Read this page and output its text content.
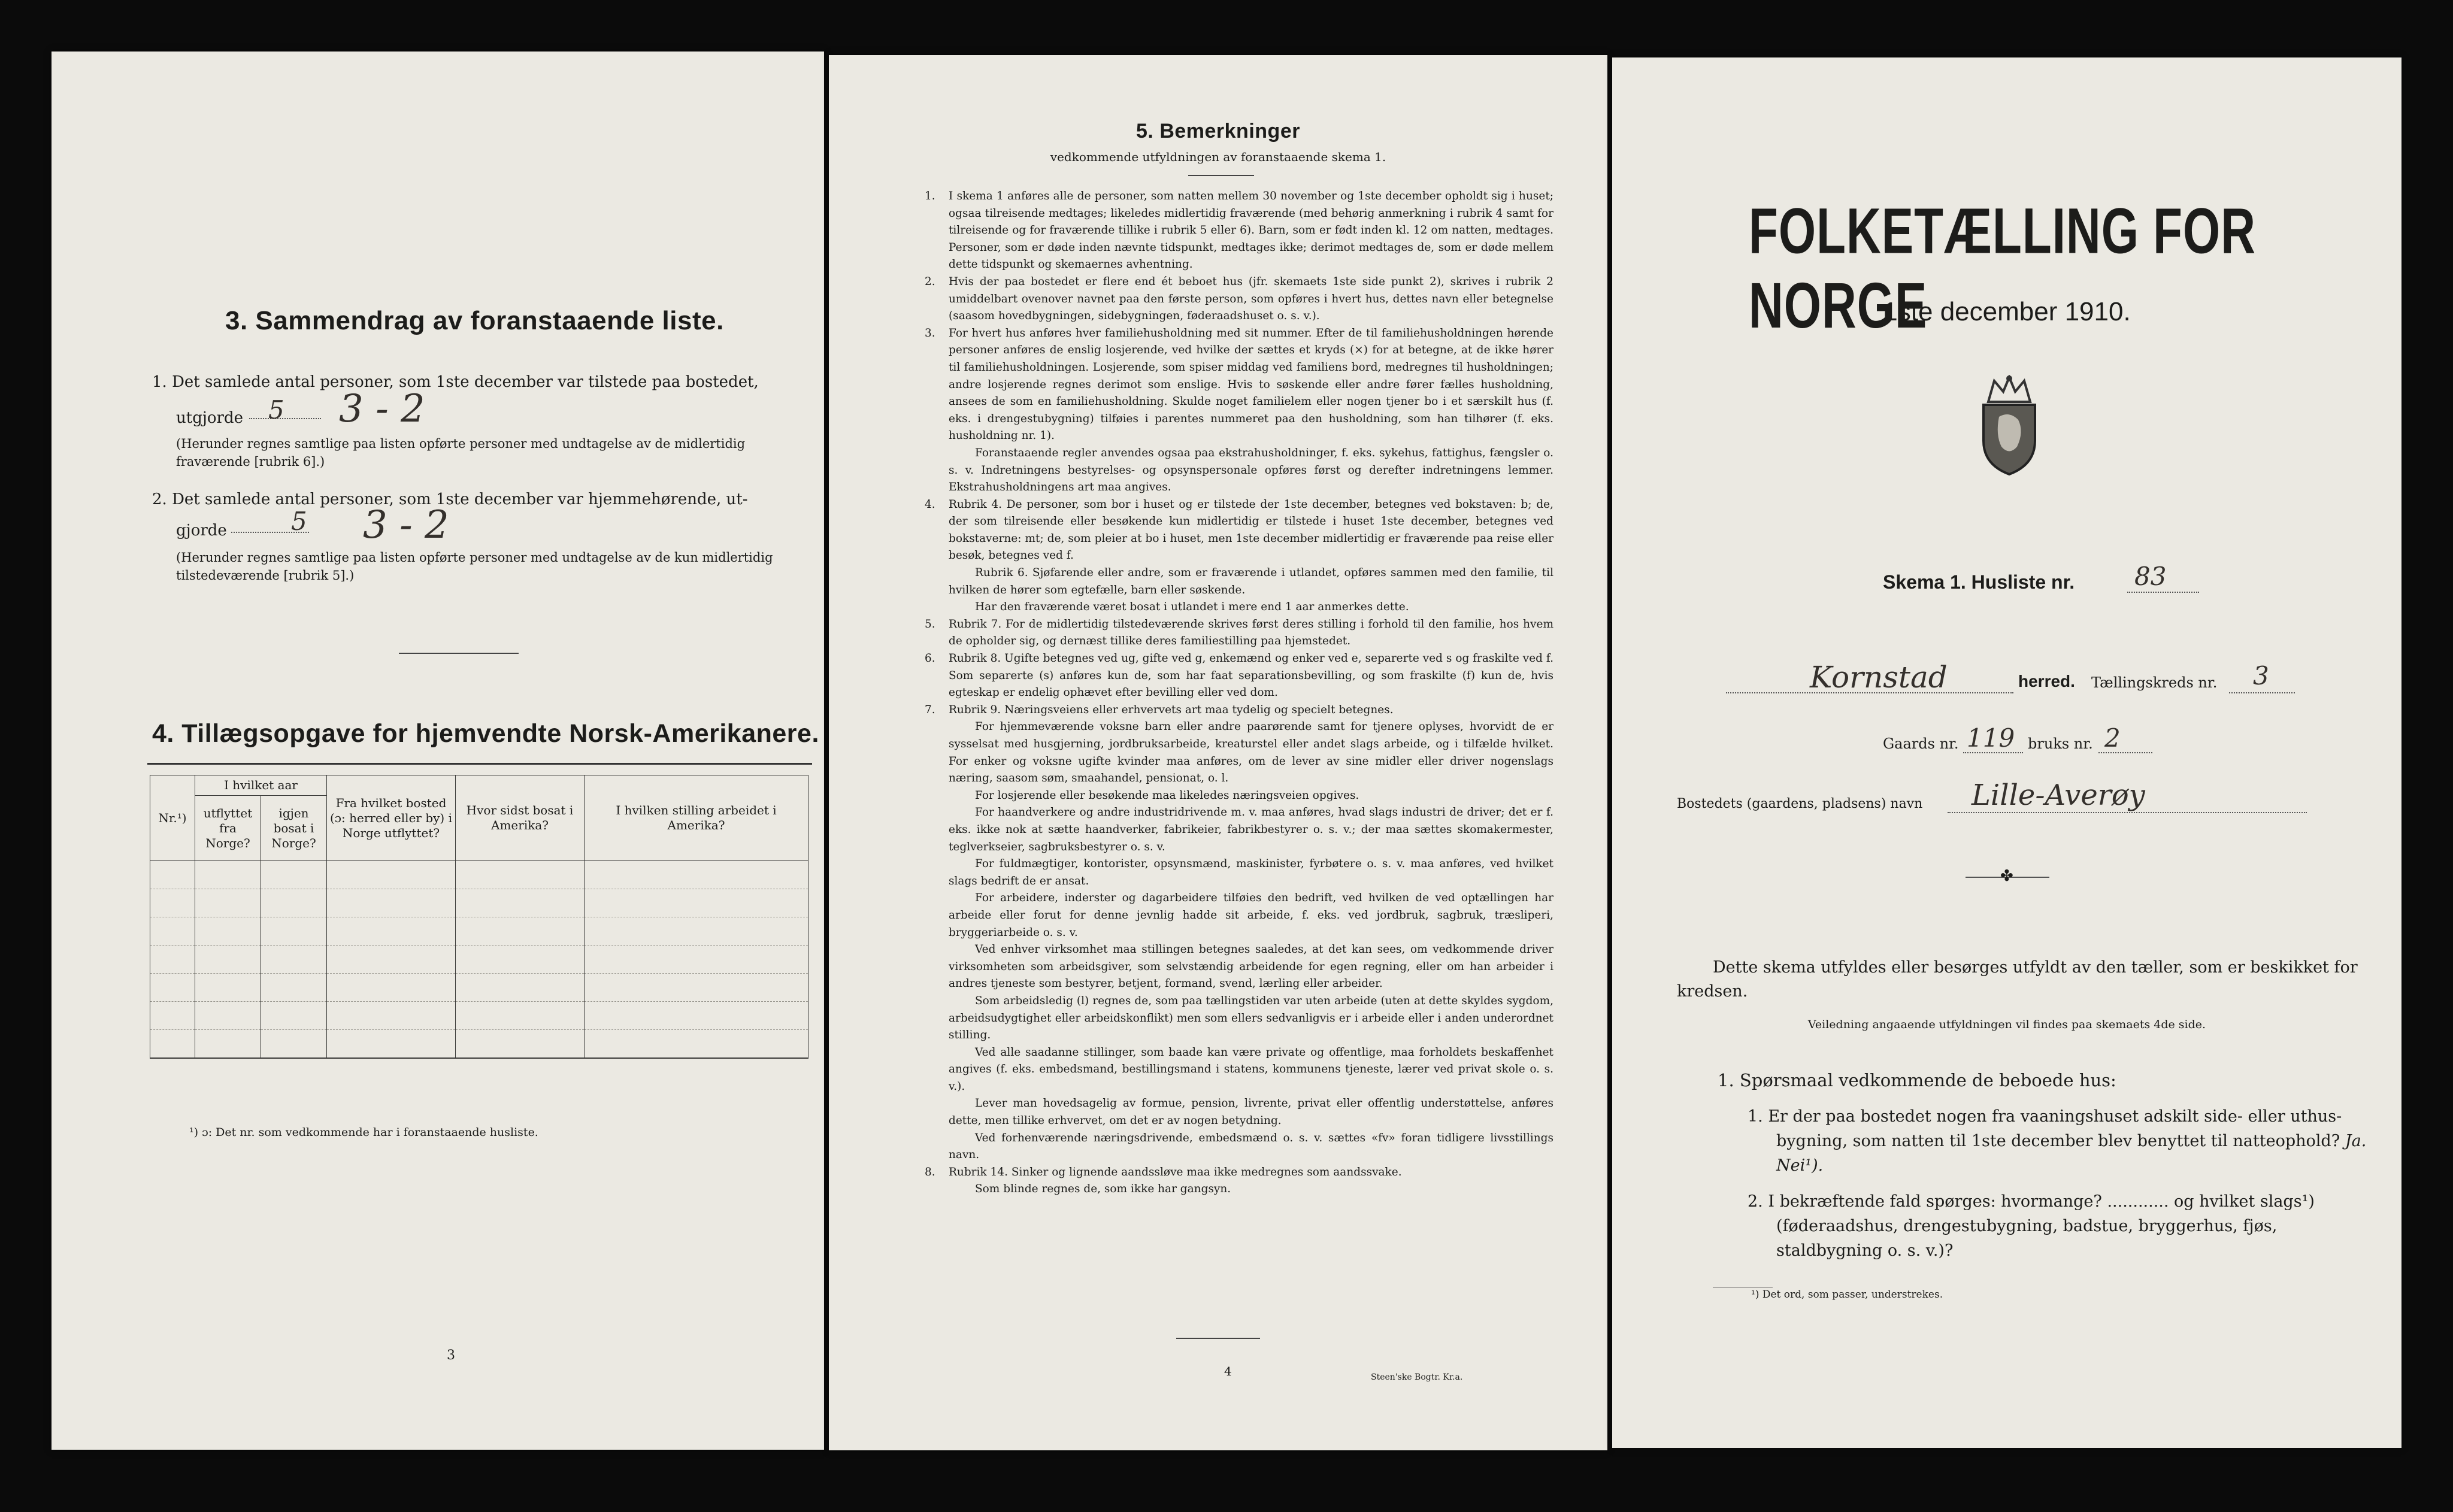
3. Sammendrag av foranstaaende liste.
1. Det samlede antal personer, som 1ste december var tilstede paa bostedet,
utgjorde 5 3 - 2
(Herunder regnes samtlige paa listen opførte personer med undtagelse av de midlertidig fraværende [rubrik 6].)
2. Det samlede antal personer, som 1ste december var hjemmehørende, ut-
gjorde	5 3 - 2
(Herunder regnes samtlige paa listen opførte personer med undtagelse av de kun midlertidig tilstedeværende [rubrik 5].)
4. Tillægsopgave for hjemvendte Norsk-Amerikanere.
Nr.¹)	I hvilket aar		Fra hvilket bosted (ɔ: herred eller by) i Norge utflyttet?	Hvor sidst bosat i Amerika?	I hvilken stilling arbeidet i Amerika?
	utflyttet fra Norge?	igjen bosat i Norge?			

¹) ɔ: Det nr. som vedkommende har i foranstaaende husliste.
3
5. Bemerkninger
vedkommende utfyldningen av foranstaaende skema 1.

1. I skema 1 anføres alle de personer, som natten mellem 30 november og 1ste december opholdt sig i huset; ogsaa tilreisende medtages; likeledes midlertidig fraværende (med behørig anmerkning i rubrik 4 samt for tilreisende og for fraværende tillike i rubrik 5 eller 6). Barn, som er født inden kl. 12 om natten, medtages. Personer, som er døde inden nævnte tidspunkt, medtages ikke; derimot medtages de, som er døde mellem dette tidspunkt og skemaernes avhentning.

2. Hvis der paa bostedet er flere end ét beboet hus (jfr. skemaets 1ste side punkt 2), skrives i rubrik 2 umiddelbart ovenover navnet paa den første person, som opføres i hvert hus, dettes navn eller betegnelse (saasom hovedbygningen, sidebygningen, føderaadshuset o. s. v.).

3. For hvert hus anføres hver familiehusholdning med sit nummer. Efter de til familiehusholdningen hørende personer anføres de enslig losjerende, ved hvilke der sættes et kryds (×) for at betegne, at de ikke hører til familiehusholdningen. Losjerende, som spiser middag ved familiens bord, medregnes til husholdningen; andre losjerende regnes derimot som enslige. Hvis to søskende eller andre fører fælles husholdning, ansees de som en familiehusholdning. Skulde noget familielem eller nogen tjener bo i et særskilt hus (f. eks. i drengestubygning) tilføies i parentes nummeret paa den husholdning, som han tilhører (f. eks. husholdning nr. 1).

Foranstaaende regler anvendes ogsaa paa ekstrahusholdninger, f. eks. sykehus, fattighus, fængsler o. s. v. Indretningens bestyrelses- og opsynspersonale opføres først og derefter indretningens lemmer. Ekstrahusholdningens art maa angives.

4. Rubrik 4. De personer, som bor i huset og er tilstede der 1ste december, betegnes ved bokstaven: b; de, der som tilreisende eller besøkende kun midlertidig er tilstede i huset 1ste december, betegnes ved bokstaverne: mt; de, som pleier at bo i huset, men 1ste december midlertidig er fraværende paa reise eller besøk, betegnes ved f.

Rubrik 6. Sjøfarende eller andre, som er fraværende i utlandet, opføres sammen med den familie, til hvilken de hører som egtefælle, barn eller søskende.

Har den fraværende været bosat i utlandet i mere end 1 aar anmerkes dette.

5. Rubrik 7. For de midlertidig tilstedeværende skrives først deres stilling i forhold til den familie, hos hvem de opholder sig, og dernæst tillike deres familiestilling paa hjemstedet.

6. Rubrik 8. Ugifte betegnes ved ug, gifte ved g, enkemænd og enker ved e, separerte ved s og fraskilte ved f. Som separerte (s) anføres kun de, som har faat separationsbevilling, og som fraskilte (f) kun de, hvis egteskap er endelig ophævet efter bevilling eller ved dom.

7. Rubrik 9. Næringsveiens eller erhvervets art maa tydelig og specielt betegnes.

For hjemmeværende voksne barn eller andre paarørende samt for tjenere oplyses, hvorvidt de er sysselsat med husgjerning, jordbruksarbeide, kreaturstel eller andet slags arbeide, og i tilfælde hvilket. For enker og voksne ugifte kvinder maa anføres, om de lever av sine midler eller driver nogenslags næring, saasom søm, smaahandel, pensionat, o. l.

For losjerende eller besøkende maa likeledes næringsveien opgives.

For haandverkere og andre industridrivende m. v. maa anføres, hvad slags industri de driver; det er f. eks. ikke nok at sætte haandverker, fabrikeier, fabrikbestyrer o. s. v.; der maa sættes skomakermester, teglverkseier, sagbruksbestyrer o. s. v.

For fuldmægtiger, kontorister, opsynsmænd, maskinister, fyrbøtere o. s. v. maa anføres, ved hvilket slags bedrift de er ansat.

For arbeidere, inderster og dagarbeidere tilføies den bedrift, ved hvilken de ved optællingen har arbeide eller forut for denne jevnlig hadde sit arbeide, f. eks. ved jordbruk, sagbruk, træsliperi, bryggeriarbeide o. s. v.

Ved enhver virksomhet maa stillingen betegnes saaledes, at det kan sees, om vedkommende driver virksomheten som arbeidsgiver, som selvstændig arbeidende for egen regning, eller om han arbeider i andres tjeneste som bestyrer, betjent, formand, svend, lærling eller arbeider.

Som arbeidsledig (l) regnes de, som paa tællingstiden var uten arbeide (uten at dette skyldes sygdom, arbeidsudygtighet eller arbeidskonflikt) men som ellers sedvanligvis er i arbeide eller i anden underordnet stilling.

Ved alle saadanne stillinger, som baade kan være private og offentlige, maa forholdets beskaffenhet angives (f. eks. embedsmand, bestillingsmand i statens, kommunens tjeneste, lærer ved privat skole o. s. v.).

Lever man hovedsagelig av formue, pension, livrente, privat eller offentlig understøttelse, anføres dette, men tillike erhvervet, om det er av nogen betydning.

Ved forhenværende næringsdrivende, embedsmænd o. s. v. sættes «fv» foran tidligere livsstillings navn.

8. Rubrik 14. Sinker og lignende aandssløve maa ikke medregnes som aandssvake.

Som blinde regnes de, som ikke har gangsyn.

4	Steen'ske Bogtr. Kr.a.
FOLKETÆLLING FOR NORGE
1ste december 1910.
Skema 1. Husliste nr. 83
Kornstad	herred. Tællingskreds nr. 3
Gaards nr. 119 bruks nr. 2
Bostedets (gaardens, pladsens) navn Lille-Averøy
✤
Dette skema utfyldes eller besørges utfyldt av den tæller, som er beskikket for kredsen.
Veiledning angaaende utfyldningen vil findes paa skemaets 4de side.
1. Spørsmaal vedkommende de beboede hus:
1. Er der paa bostedet nogen fra vaaningshuset adskilt side- eller uthus-bygning, som natten til 1ste december blev benyttet til natteophold? Ja. Nei¹).
2. I bekræftende fald spørges: hvormange? ............ og hvilket slags¹) (føderaadshus, drengestubygning, badstue, bryggerhus, fjøs, staldbygning o. s. v.)?
¹) Det ord, som passer, understrekes.
